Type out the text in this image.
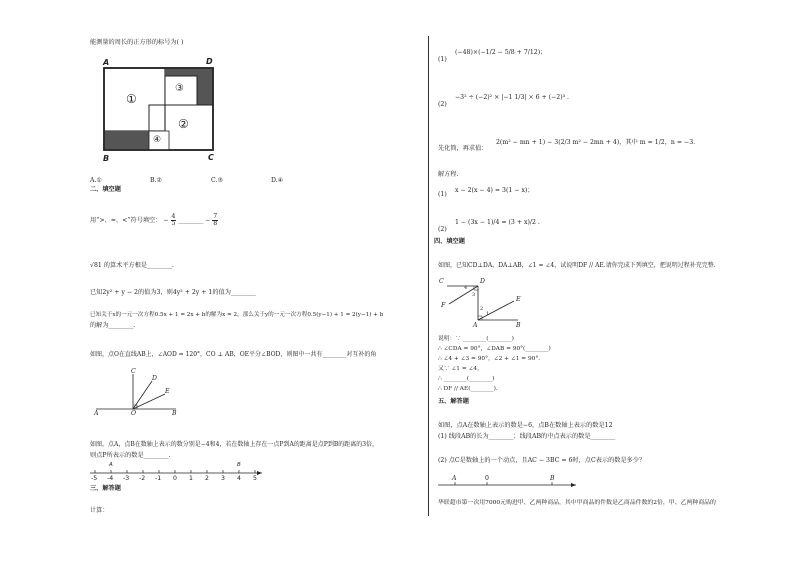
能测量的周长的正方形的标号为( )
A	D
B	C
①
③
②
④
A.①	B.②	C.③	D.④
二、填空题
用“>、=、<”符号填空： − $\frac{4}{5}$ ________ − $\frac{7}{8}$
√81 的算术平方根是________.
已知2y² + y − 2的值为3，则4y² + 2y + 1的值为________
已知关于x的一元一次方程0.5x + 1 = 2x + b的解为x = 2，那么关于y的一元一次方程0.5(y−1) + 1 = 2(y−1) + b
的解为________.
如图，点O在直线AB上，∠AOD = 120°，CO ⊥ AB，OE平分∠BOD，则图中一共有________对互补的角
C
D
E
A	O	B
如图，点A，点B在数轴上表示的数分别是−4和4，若在数轴上存在一点P到A的距离是点P到B的距离的3倍，
则点P所表示的数是________.
A	B
-5 -4 -3 -2 -1 0 1 2 3 4 5
三、解答题
计算：
(1)
(−48)×(−1/2 − 5/8 + 7/12)；
(2)
−3² ÷ (−2)² × |−1 1/3| × 6 + (−2)³ .
先化简，再求值：
2(m² − mn + 1) − 3(2/3 m² − 2mn + 4)，其中 m = 1/2，n = −3.
解方程.
(1)
x − 2(x − 4) = 3(1 − x)；
(2)
1 − (3x − 1)/4 = (3 + x)/2 .
四、填空题
如图，已知CD⊥DA，DA⊥AB，∠1 = ∠4，试说明DF // AE.请你完成下列填空，把说明过程补充完整.
C	D
F
E
A	B
1
2
3
4
说明：∵ ________(________)
∴ ∠CDA = 90°，∠DAB = 90°(________)
∴ ∠4 + ∠3 = 90°，∠2 + ∠1 = 90°.
又∵ ∠1 = ∠4，
∴ ________(________)
∴ DF // AE(________).
五、解答题
如图，点A在数轴上表示的数是−6，点B在数轴上表示的数是12
(1) 线段AB的长为________；线段AB的中点表示的数是________
(2) 点C是数轴上的一个动点，且AC − 3BC = 6时，点C表示的数是多少？
A	0	B
华联超市第一次用7000元购进甲、乙两种商品，其中甲商品的件数是乙商品件数的2倍，甲、乙两种商品的
